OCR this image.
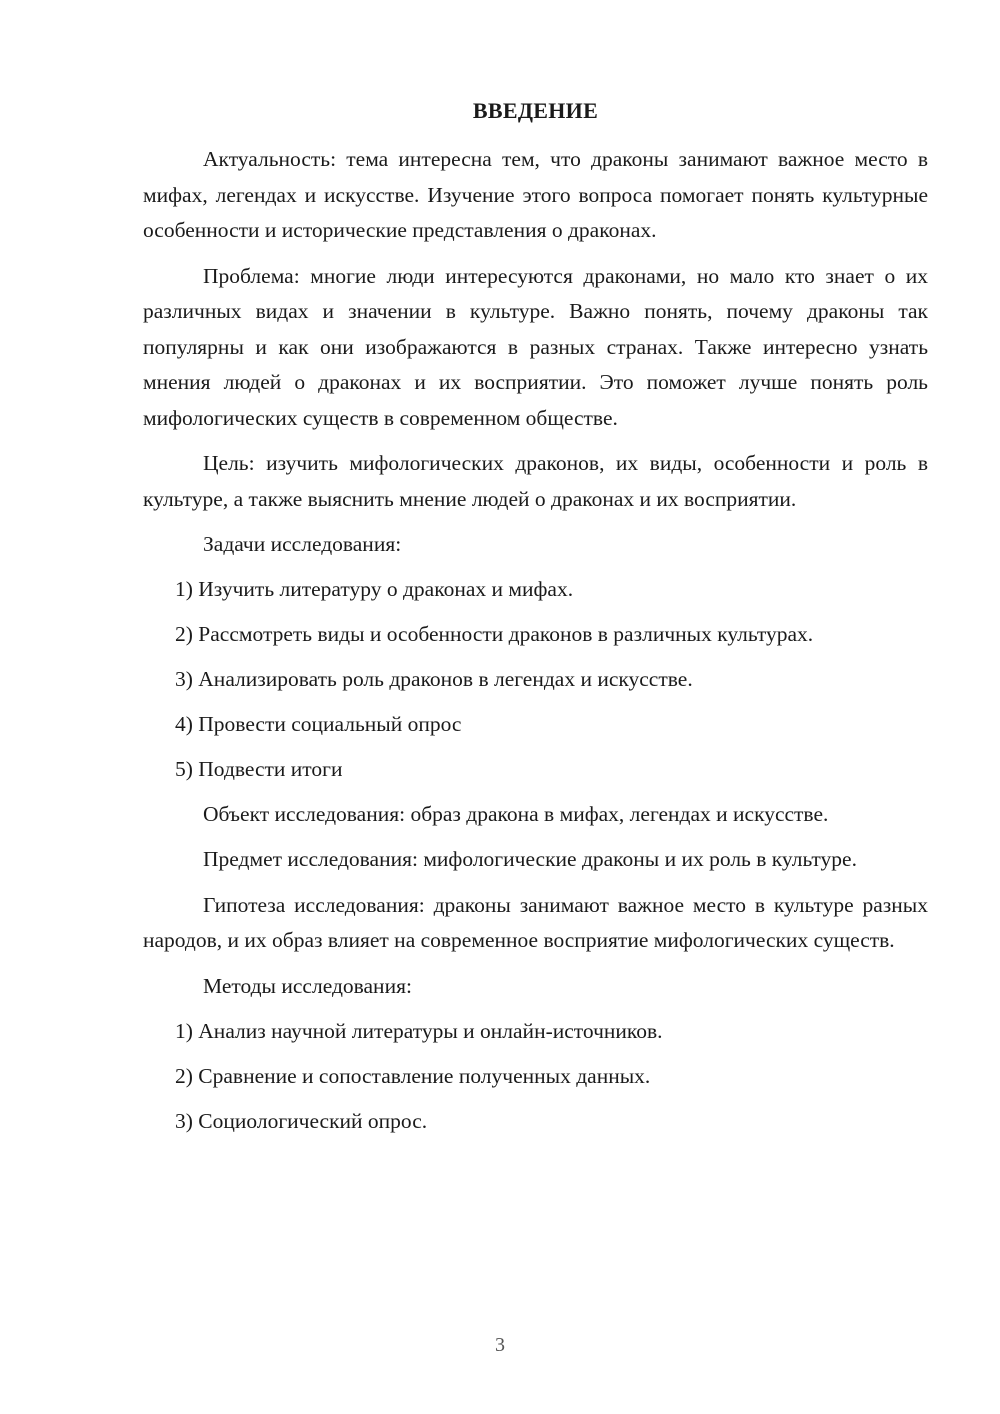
ВВЕДЕНИЕ

Актуальность: тема интересна тем, что драконы занимают важное место в мифах, легендах и искусстве. Изучение этого вопроса помогает понять культурные особенности и исторические представления о драконах.

Проблема: многие люди интересуются драконами, но мало кто знает о их различных видах и значении в культуре. Важно понять, почему драконы так популярны и как они изображаются в разных странах. Также интересно узнать мнения людей о драконах и их восприятии. Это поможет лучше понять роль мифологических существ в современном обществе.

Цель: изучить мифологических драконов, их виды, особенности и роль в культуре, а также выяснить мнение людей о драконах и их восприятии.

Задачи исследования:

1) Изучить литературу о драконах и мифах.

2) Рассмотреть виды и особенности драконов в различных культурах.

3) Анализировать роль драконов в легендах и искусстве.

4) Провести социальный опрос

5) Подвести итоги

Объект исследования: образ дракона в мифах, легендах и искусстве.

Предмет исследования: мифологические драконы и их роль в культуре.

Гипотеза исследования: драконы занимают важное место в культуре разных народов, и их образ влияет на современное восприятие мифологических существ.

Методы исследования:

1) Анализ научной литературы и онлайн-источников.

2) Сравнение и сопоставление полученных данных.

3) Социологический опрос.

3
